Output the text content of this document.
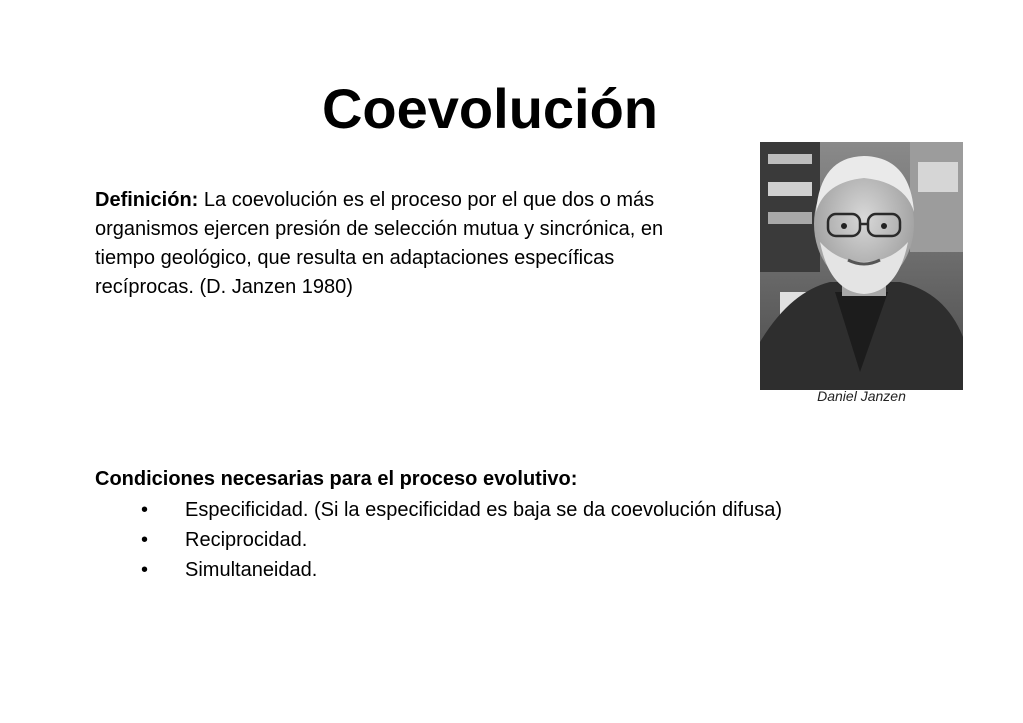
Coevolución

Definición: La coevolución es el proceso por el que dos o más organismos ejercen presión de selección mutua y sincrónica, en tiempo geológico, que resulta en adaptaciones específicas recíprocas. (D. Janzen 1980)

Daniel Janzen

Condiciones necesarias para el proceso evolutivo:

• Especificidad. (Si la especificidad es baja se da coevolución difusa)
• Reciprocidad.
• Simultaneidad.
